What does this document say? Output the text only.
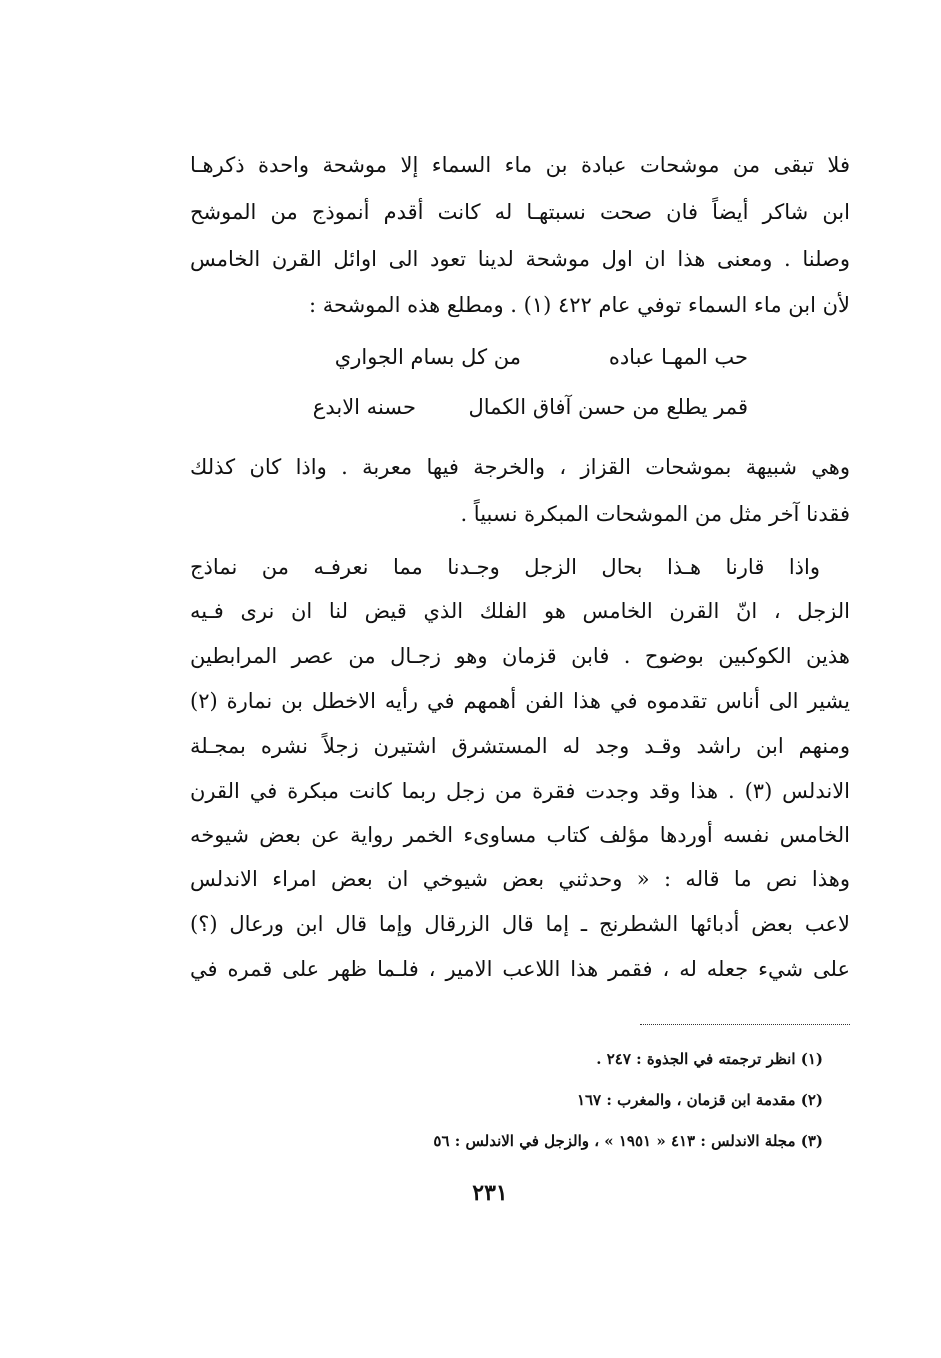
فلا تبقى من موشحات عبادة بن ماء السماء إلا موشحة واحدة ذكرهـا
ابن شاكر أيضاً فان صحت نسبتهـا له كانت أقدم أنموذج من الموشح
وصلنا . ومعنى هذا ان اول موشحة لدينا تعود الى اوائل القرن الخامس
لأن ابن ماء السماء توفي عام ٤٢٢ (١) . ومطلع هذه الموشحة :
حب المهـا عباده
من كل بسام الجواري
قمر يطلع من حسن آفاق الكمال
حسنه الابدع
وهي شبيهة بموشحات القزاز ، والخرجة فيها معربة . واذا كان كذلك
فقدنا آخر مثل من الموشحات المبكرة نسبياً .
واذا قارنا هـذا بحال الزجل وجـدنا مما نعرفـه من نماذج
الزجل ، انّ القرن الخامس هو الفلك الذي قيض لنا ان نرى فـيه
هذين الكوكبين بوضوح . فابن قزمان وهو زجـال من عصر المرابطين
يشير الى أناس تقدموه في هذا الفن أهمهم في رأيه الاخطل بن نمارة (٢)
ومنهم ابن راشد وقـد وجد له المستشرق اشتيرن زجلاً نشره بمجـلة
الاندلس (٣) . هذا وقد وجدت فقرة من زجل ربما كانت مبكرة في القرن
الخامس نفسه أوردها مؤلف كتاب مساوىء الخمر رواية عن بعض شيوخه
وهذا نص ما قاله : « وحدثني بعض شيوخي ان بعض امراء الاندلس
لاعب بعض أدبائها الشطرنج ـ إما قال الزرقال وإما قال ابن ورعال (؟)
على شيء جعله له ، فقمر هذا اللاعب الامير ، فلـما ظهر على قمره في
(١) انظر ترجمته في الجذوة : ٢٤٧ .
(٢) مقدمة ابن قزمان ، والمغرب : ١٦٧
(٣) مجلة الاندلس : ٤١٣ « ١٩٥١ » ، والزجل في الاندلس : ٥٦
٢٣١
